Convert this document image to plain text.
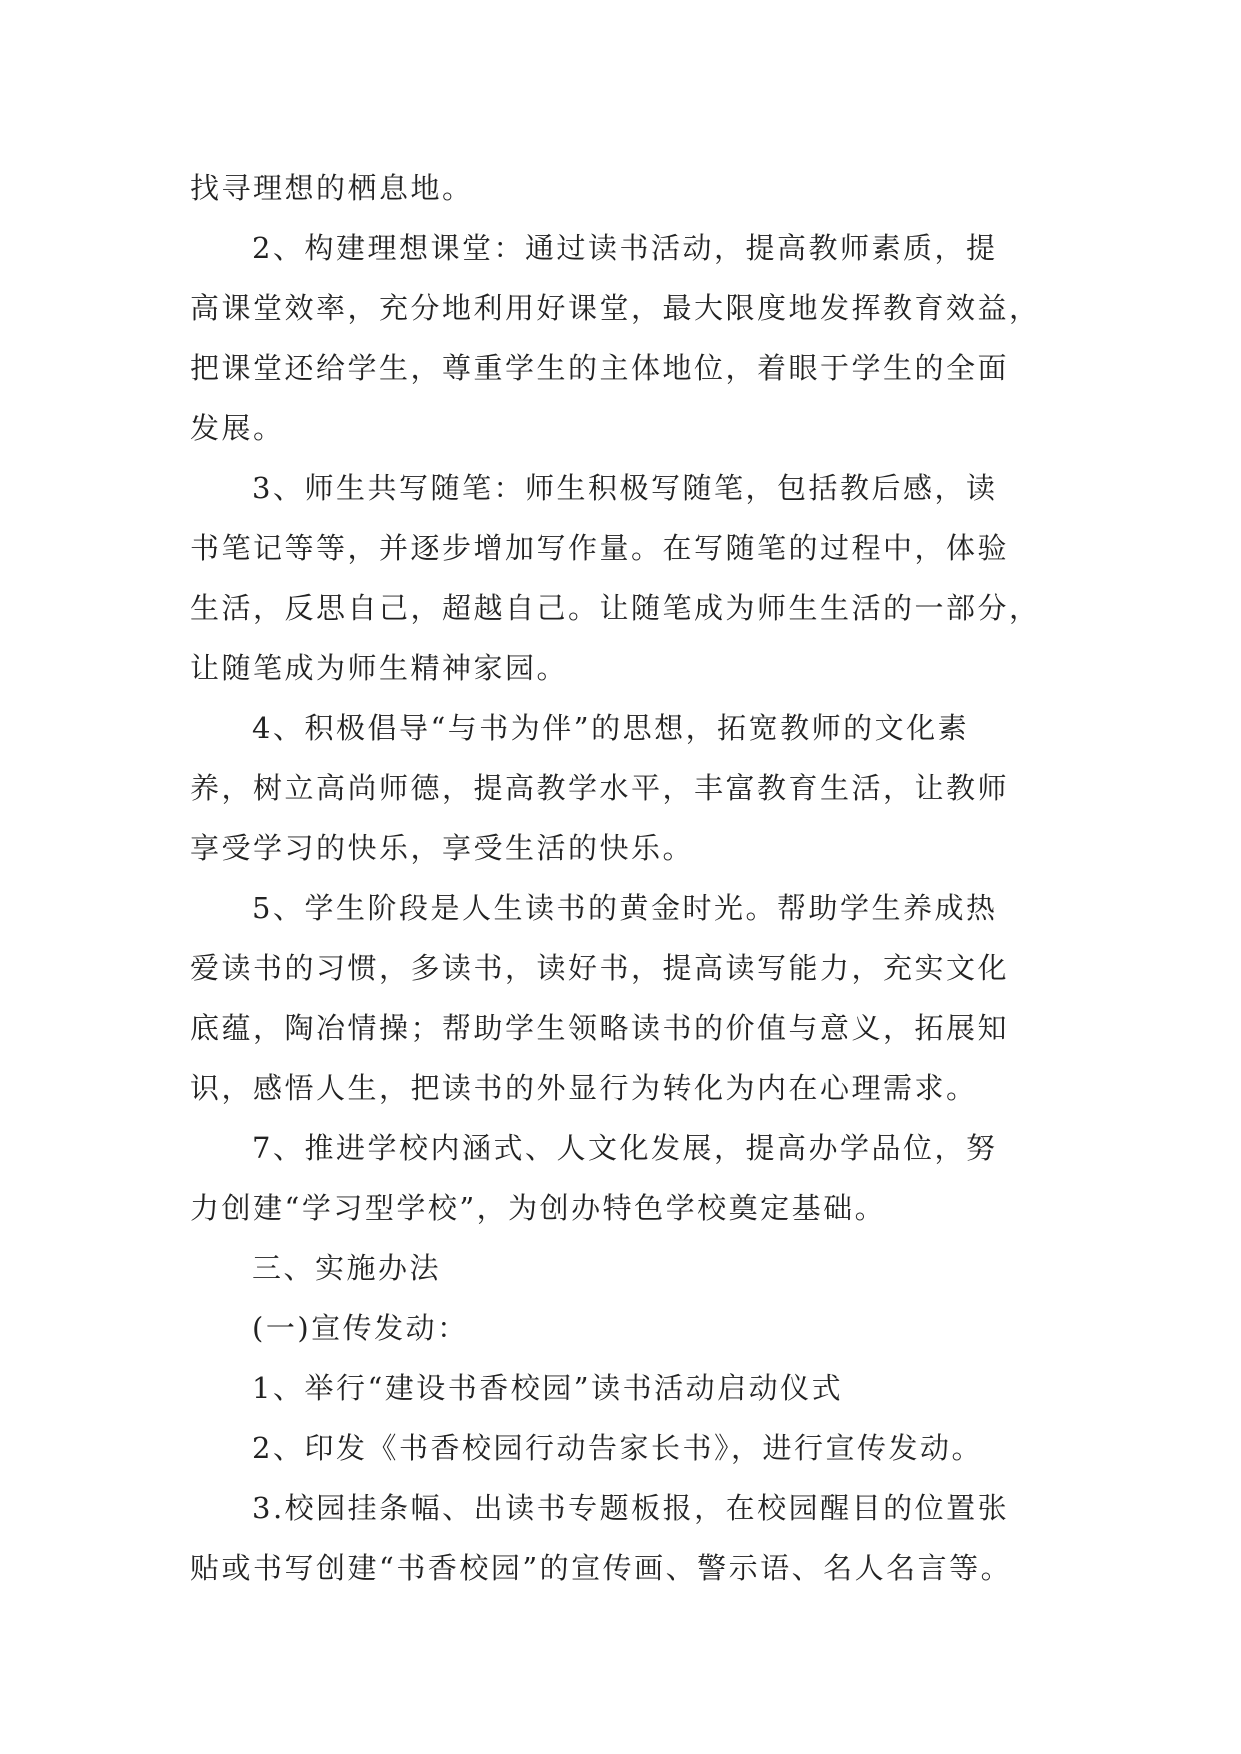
找寻理想的栖息地。
2、构建理想课堂：通过读书活动，提高教师素质，提
高课堂效率，充分地利用好课堂，最大限度地发挥教育效益，
把课堂还给学生，尊重学生的主体地位，着眼于学生的全面
发展。
3、师生共写随笔：师生积极写随笔，包括教后感，读
书笔记等等，并逐步增加写作量。在写随笔的过程中，体验
生活，反思自己，超越自己。让随笔成为师生生活的一部分，
让随笔成为师生精神家园。
4、积极倡导“与书为伴”的思想，拓宽教师的文化素
养，树立高尚师德，提高教学水平，丰富教育生活，让教师
享受学习的快乐，享受生活的快乐。
5、学生阶段是人生读书的黄金时光。帮助学生养成热
爱读书的习惯，多读书，读好书，提高读写能力，充实文化
底蕴，陶冶情操；帮助学生领略读书的价值与意义，拓展知
识，感悟人生，把读书的外显行为转化为内在心理需求。
7、推进学校内涵式、人文化发展，提高办学品位，努
力创建“学习型学校”，为创办特色学校奠定基础。
三、实施办法
(一)宣传发动：
1、举行“建设书香校园”读书活动启动仪式
2、印发《书香校园行动告家长书》，进行宣传发动。
3.校园挂条幅、出读书专题板报，在校园醒目的位置张
贴或书写创建“书香校园”的宣传画、警示语、名人名言等。
